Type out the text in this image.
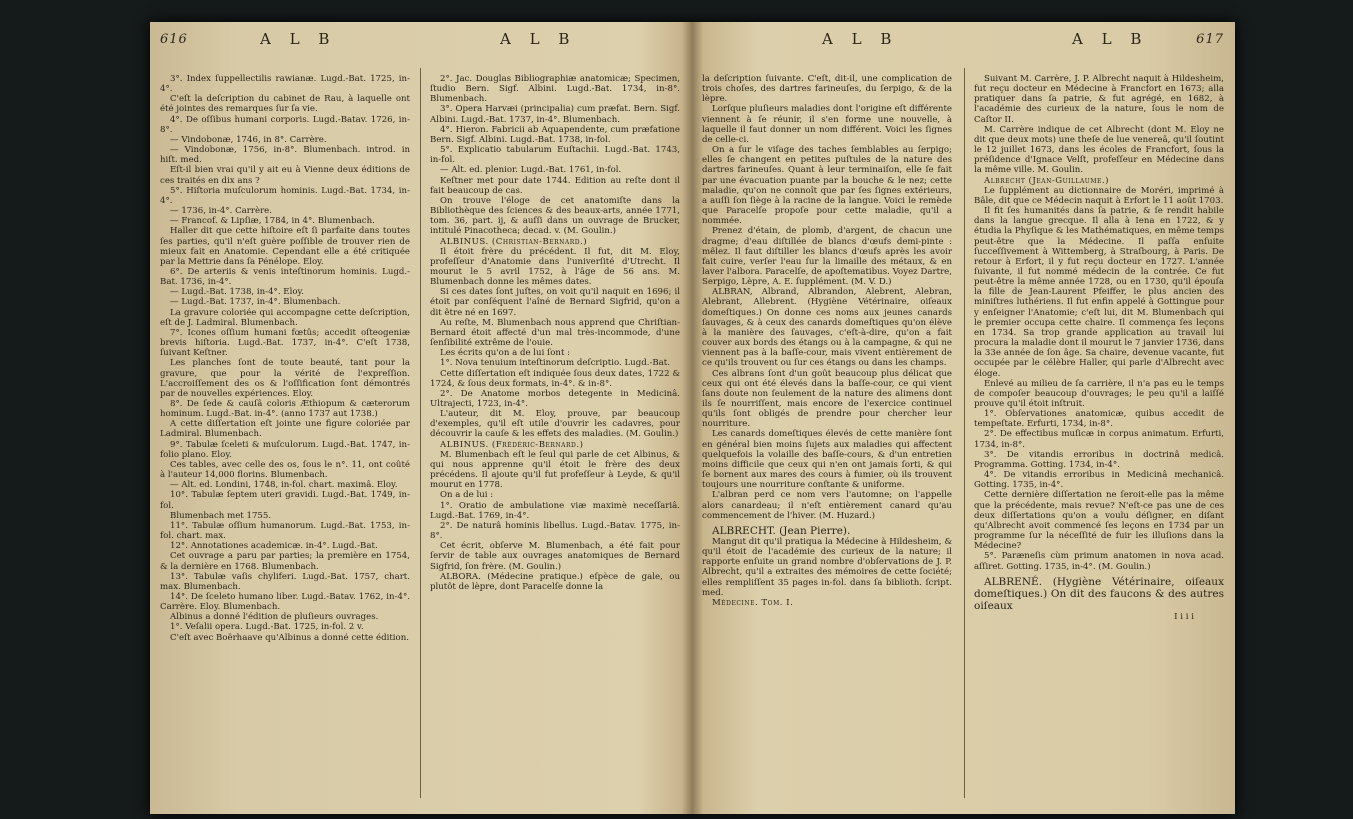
616	A L B	A L B

3°. Index ſuppellectilis rawianæ. Lugd.-Bat. 1725, in-4°.

C'eſt la deſcription du cabinet de Rau, à laquelle ont été jointes des remarques ſur ſa vie.

4°. De oſſibus humani corporis. Lugd.-Batav. 1726, in-8°.

— Vindobonæ, 1746, in 8°. Carrère.

— Vindobonæ, 1756, in-8°. Blumenbach. introd. in hiſt. med.

Eſt-il bien vrai qu'il y ait eu à Vienne deux éditions de ces traités en dix ans ?

5°. Hiſtoria muſculorum hominis. Lugd.-Bat. 1734, in-4°.

— 1736, in-4°. Carrère.

— Francof. & Lipſiæ, 1784, in 4°. Blumenbach.

Haller dit que cette hiſtoire eſt ſi parfaite dans toutes ſes parties, qu'il n'eſt guère poſſible de trouver rien de mieux fait en Anatomie. Cependant elle a été critiquée par la Mettrie dans ſa Pénélope. Eloy.

6°. De arteriis & venis inteſtinorum hominis. Lugd.-Bat. 1736, in-4°.

— Lugd.-Bat. 1738, in-4°. Eloy.

— Lugd.-Bat. 1737, in-4°. Blumenbach.

La gravure coloriée qui accompagne cette deſcription, eſt de J. Ladmiral. Blumenbach.

7°. Icones oſſium humani fœtûs; accedit oſteogeniæ brevis hiſtoria. Lugd.-Bat. 1737, in-4°. C'eſt 1738, ſuivant Keſtner.

Les planches ſont de toute beauté, tant pour la gravure, que pour la vérité de l'expreſſion. L'accroiſſement des os & l'oſſification ſont démontrés par de nouvelles expériences. Eloy.

8°. De ſede & cauſâ coloris Æthiopum & cæterorum hominum. Lugd.-Bat. in-4°. (anno 1737 aut 1738.)

A cette diſſertation eſt jointe une figure coloriée par Ladmiral. Blumenbach.

9°. Tabulæ ſceleti & muſculorum. Lugd.-Bat. 1747, in-folio plano. Eloy.

Ces tables, avec celle des os, ſous le n°. 11, ont coûté à l'auteur 14,000 florins. Blumenbach.

— Alt. ed. Londini, 1748, in-fol. chart. maximâ. Eloy.

10°. Tabulæ ſeptem uteri gravidi. Lugd.-Bat. 1749, in-fol.

Blumenbach met 1755.

11°. Tabulæ oſſium humanorum. Lugd.-Bat. 1753, in-fol. chart. max.

12°. Annotationes academicæ. in-4°. Lugd.-Bat.

Cet ouvrage a paru par parties; la première en 1754, & la dernière en 1768. Blumenbach.

13°. Tabulæ vaſis chyliferi. Lugd.-Bat. 1757, chart. max. Blumenbach.

14°. De ſceleto humano liber. Lugd.-Batav. 1762, in-4°. Carrère. Eloy. Blumenbach.

Albinus a donné l'édition de pluſieurs ouvrages.

1°. Veſalii opera. Lugd.-Bat. 1725, in-fol. 2 v.

C'eſt avec Boërhaave qu'Albinus a donné cette édition.

2°. Jac. Douglas Bibliographiæ anatomicæ; Specimen, ſtudio Bern. Sigf. Albini. Lugd.-Bat. 1734, in-8°. Blumenbach.

3°. Opera Harvæi (principalia) cum præfat. Bern. Sigf. Albini. Lugd.-Bat. 1737, in-4°. Blumenbach.

4°. Hieron. Fabricii ab Aquapendente, cum præfatione Bern. Sigf. Albini. Lugd.-Bat. 1738, in-fol.

5°. Explicatio tabularum Euſtachii. Lugd.-Bat. 1743, in-fol.

— Alt. ed. plenior. Lugd.-Bat. 1761, in-fol.

Keſtner met pour date 1744. Edition au reſte dont il fait beaucoup de cas.

On trouve l'éloge de cet anatomiſte dans la Bibliothèque des ſciences & des beaux-arts, année 1771, tom. 36, part. ij, & auſſi dans un ouvrage de Brucker, intitulé Pinacotheca; decad. v. (M. Goulin.)

ALBINUS. (Chriſtian-Bernard.)

Il étoit frère du précédent. Il fut, dit M. Eloy, profeſſeur d'Anatomie dans l'univerſité d'Utrecht. Il mourut le 5 avril 1752, à l'âge de 56 ans. M. Blumenbach donne les mêmes dates.

Si ces dates ſont juſtes, on voit qu'il naquit en 1696; il étoit par conſéquent l'aîné de Bernard Sigfrid, qu'on a dit être né en 1697.

Au reſte, M. Blumenbach nous apprend que Chriſtian-Bernard étoit affecté d'un mal très-incommode, d'une ſenſibilité extrême de l'ouie.

Les écrits qu'on a de lui ſont :

1°. Nova tenuium inteſtinorum deſcriptio. Lugd.-Bat.

Cette diſſertation eſt indiquée ſous deux dates, 1722 & 1724, & ſous deux formats, in-4°. & in-8°.

2°. De Anatome morbos detegente in Medicinâ. Ultrajecti, 1723, in-4°.

L'auteur, dit M. Eloy, prouve, par beaucoup d'exemples, qu'il eſt utile d'ouvrir les cadavres, pour découvrir la cauſe & les effets des maladies. (M. Goulin.)

ALBINUS. (Frédéric-Bernard.)

M. Blumenbach eſt le ſeul qui parle de cet Albinus, & qui nous apprenne qu'il étoit le frère des deux précédens. Il ajoute qu'il fut profeſſeur à Leyde, & qu'il mourut en 1778.

On a de lui :

1°. Oratio de ambulatione viæ maximè neceſſariâ. Lugd.-Bat. 1769, in-4°.

2°. De naturâ hominis libellus. Lugd.-Batav. 1775, in-8°.

Cet écrit, obſerve M. Blumenbach, a été fait pour ſervir de table aux ouvrages anatomiques de Bernard Sigfrid, ſon frère. (M. Goulin.)

ALBORA. (Médecine pratique.) eſpèce de gale, ou plutôt de lèpre, dont Paracelſe donne la

A L B	A L B	617

la deſcription ſuivante. C'eſt, dit-il, une complication de trois choſes, des dartres farineuſes, du ſerpigo, & de la lèpre.

Lorſque pluſieurs maladies dont l'origine eſt différente viennent à ſe réunir, il s'en forme une nouvelle, à laquelle il faut donner un nom différent. Voici les ſignes de celle-ci.

On a ſur le viſage des taches ſemblables au ſerpigo; elles ſe changent en petites puſtules de la nature des dartres farineuſes. Quant à leur terminaiſon, elle ſe fait par une évacuation puante par la bouche & le nez; cette maladie, qu'on ne connoît que par ſes ſignes extérieurs, a auſſi ſon ſiège à la racine de la langue. Voici le remède que Paracelſe propoſe pour cette maladie, qu'il a nommée.

Prenez d'étain, de plomb, d'argent, de chacun une dragme; d'eau diſtillée de blancs d'œufs demi-pinte : mêlez. Il faut diſtiller les blancs d'œufs après les avoir fait cuire, verſer l'eau ſur la limaille des métaux, & en laver l'albora. Paracelſe, de apoſtematibus. Voyez Dartre, Serpigo, Lèpre, A. E. ſupplément. (M. V. D.)

ALBRAN, Albrand, Albrandon, Alebrent, Alebran, Alebrant, Allebrent. (Hygiène Vétérinaire, oiſeaux domeſtiques.) On donne ces noms aux jeunes canards ſauvages, & à ceux des canards domeſtiques qu'on élève à la manière des ſauvages, c'eſt-à-dire, qu'on a fait couver aux bords des étangs ou à la campagne, & qui ne viennent pas à la baſſe-cour, mais vivent entièrement de ce qu'ils trouvent ou ſur ces étangs ou dans les champs.

Ces albrans ſont d'un goût beaucoup plus délicat que ceux qui ont été élevés dans la baſſe-cour, ce qui vient ſans doute non ſeulement de la nature des alimens dont ils ſe nourriſſent, mais encore de l'exercice continuel qu'ils ſont obligés de prendre pour chercher leur nourriture.

Les canards domeſtiques élevés de cette manière ſont en général bien moins ſujets aux maladies qui affectent quelquefois la volaille des baſſe-cours, & d'un entretien moins difficile que ceux qui n'en ont jamais ſorti, & qui ſe bornent aux mares des cours à fumier, où ils trouvent toujours une nourriture conſtante & uniforme.

L'albran perd ce nom vers l'automne; on l'appelle alors canardeau; il n'eſt entièrement canard qu'au commencement de l'hiver. (M. Huzard.)

ALBRECHT. (Jean Pierre).

Mangut dit qu'il pratiqua la Médecine à Hildesheim, & qu'il étoit de l'académie des curieux de la nature; il rapporte enſuite un grand nombre d'obſervations de J. P. Albrecht, qu'il a extraites des mémoires de cette ſociété; elles rempliſſent 35 pages in-fol. dans ſa biblioth. ſcript. med.

Médecine. Tom. I.

Suivant M. Carrère, J. P. Albrecht naquit à Hildesheim, fut reçu docteur en Médecine à Francfort en 1673; alla pratiquer dans ſa patrie, & fut agrégé, en 1682, à l'académie des curieux de la nature, ſous le nom de Caſtor II.

M. Carrère indique de cet Albrecht (dont M. Eloy ne dit que deux mots) une theſe de lue venereâ, qu'il ſoutint le 12 juillet 1673, dans les écoles de Francfort, ſous la préſidence d'Ignace Velſt, profeſſeur en Médecine dans la même ville. M. Goulin.

Albrecht (Jean-Guillaume.)

Le ſupplément au dictionnaire de Moréri, imprimé à Bâle, dit que ce Médecin naquit à Erfort le 11 août 1703.

Il fit ſes humanités dans ſa patrie, & ſe rendit habile dans la langue grecque. Il alla à Iena en 1722, & y étudia la Phyſique & les Mathématiques, en même temps peut-être que la Médecine. Il paſſa enſuite ſucceſſivement à Wittemberg, à Straſbourg, à Paris. De retour à Erfort, il y fut reçu docteur en 1727. L'année ſuivante, il fut nommé médecin de la contrée. Ce fut peut-être la même année 1728, ou en 1730, qu'il épouſa la fille de Jean-Laurent Pfeiffer, le plus ancien des miniſtres luthériens. Il fut enfin appelé à Gottingue pour y enſeigner l'Anatomie; c'eſt lui, dit M. Blumenbach qui le premier occupa cette chaire. Il commença ſes leçons en 1734. Sa trop grande application au travail lui procura la maladie dont il mourut le 7 janvier 1736, dans la 33e année de ſon âge. Sa chaire, devenue vacante, fut occupée par le célèbre Haller, qui parle d'Albrecht avec éloge.

Enlevé au milieu de ſa carrière, il n'a pas eu le temps de compoſer beaucoup d'ouvrages; le peu qu'il a laiſſé prouve qu'il étoit inſtruit.

1°. Obſervationes anatomicæ, quibus accedit de tempeſtate. Erfurti, 1734, in-8°.

2°. De effectibus muſicæ in corpus animatum. Erfurti, 1734, in-8°.

3°. De vitandis erroribus in doctrinâ medicâ. Programma. Gotting. 1734, in-4°.

4°. De vitandis erroribus in Medicinâ mechanicâ. Gotting. 1735, in-4°.

Cette dernière diſſertation ne ſeroit-elle pas la même que la précédente, mais revue? N'eſt-ce pas une de ces deux diſſertations qu'on a voulu déſigner, en diſant qu'Albrecht avoit commencé ſes leçons en 1734 par un programme ſur la néceſſité de fuir les illuſions dans la Médecine?

5°. Paræneſis cùm primum anatomen in nova acad. aſſiret. Gotting. 1735, in-4°. (M. Goulin.)

ALBRENÉ. (Hygiène Vétérinaire, oiſeaux domeſtiques.) On dit des faucons & des autres oiſeaux

I i i i
